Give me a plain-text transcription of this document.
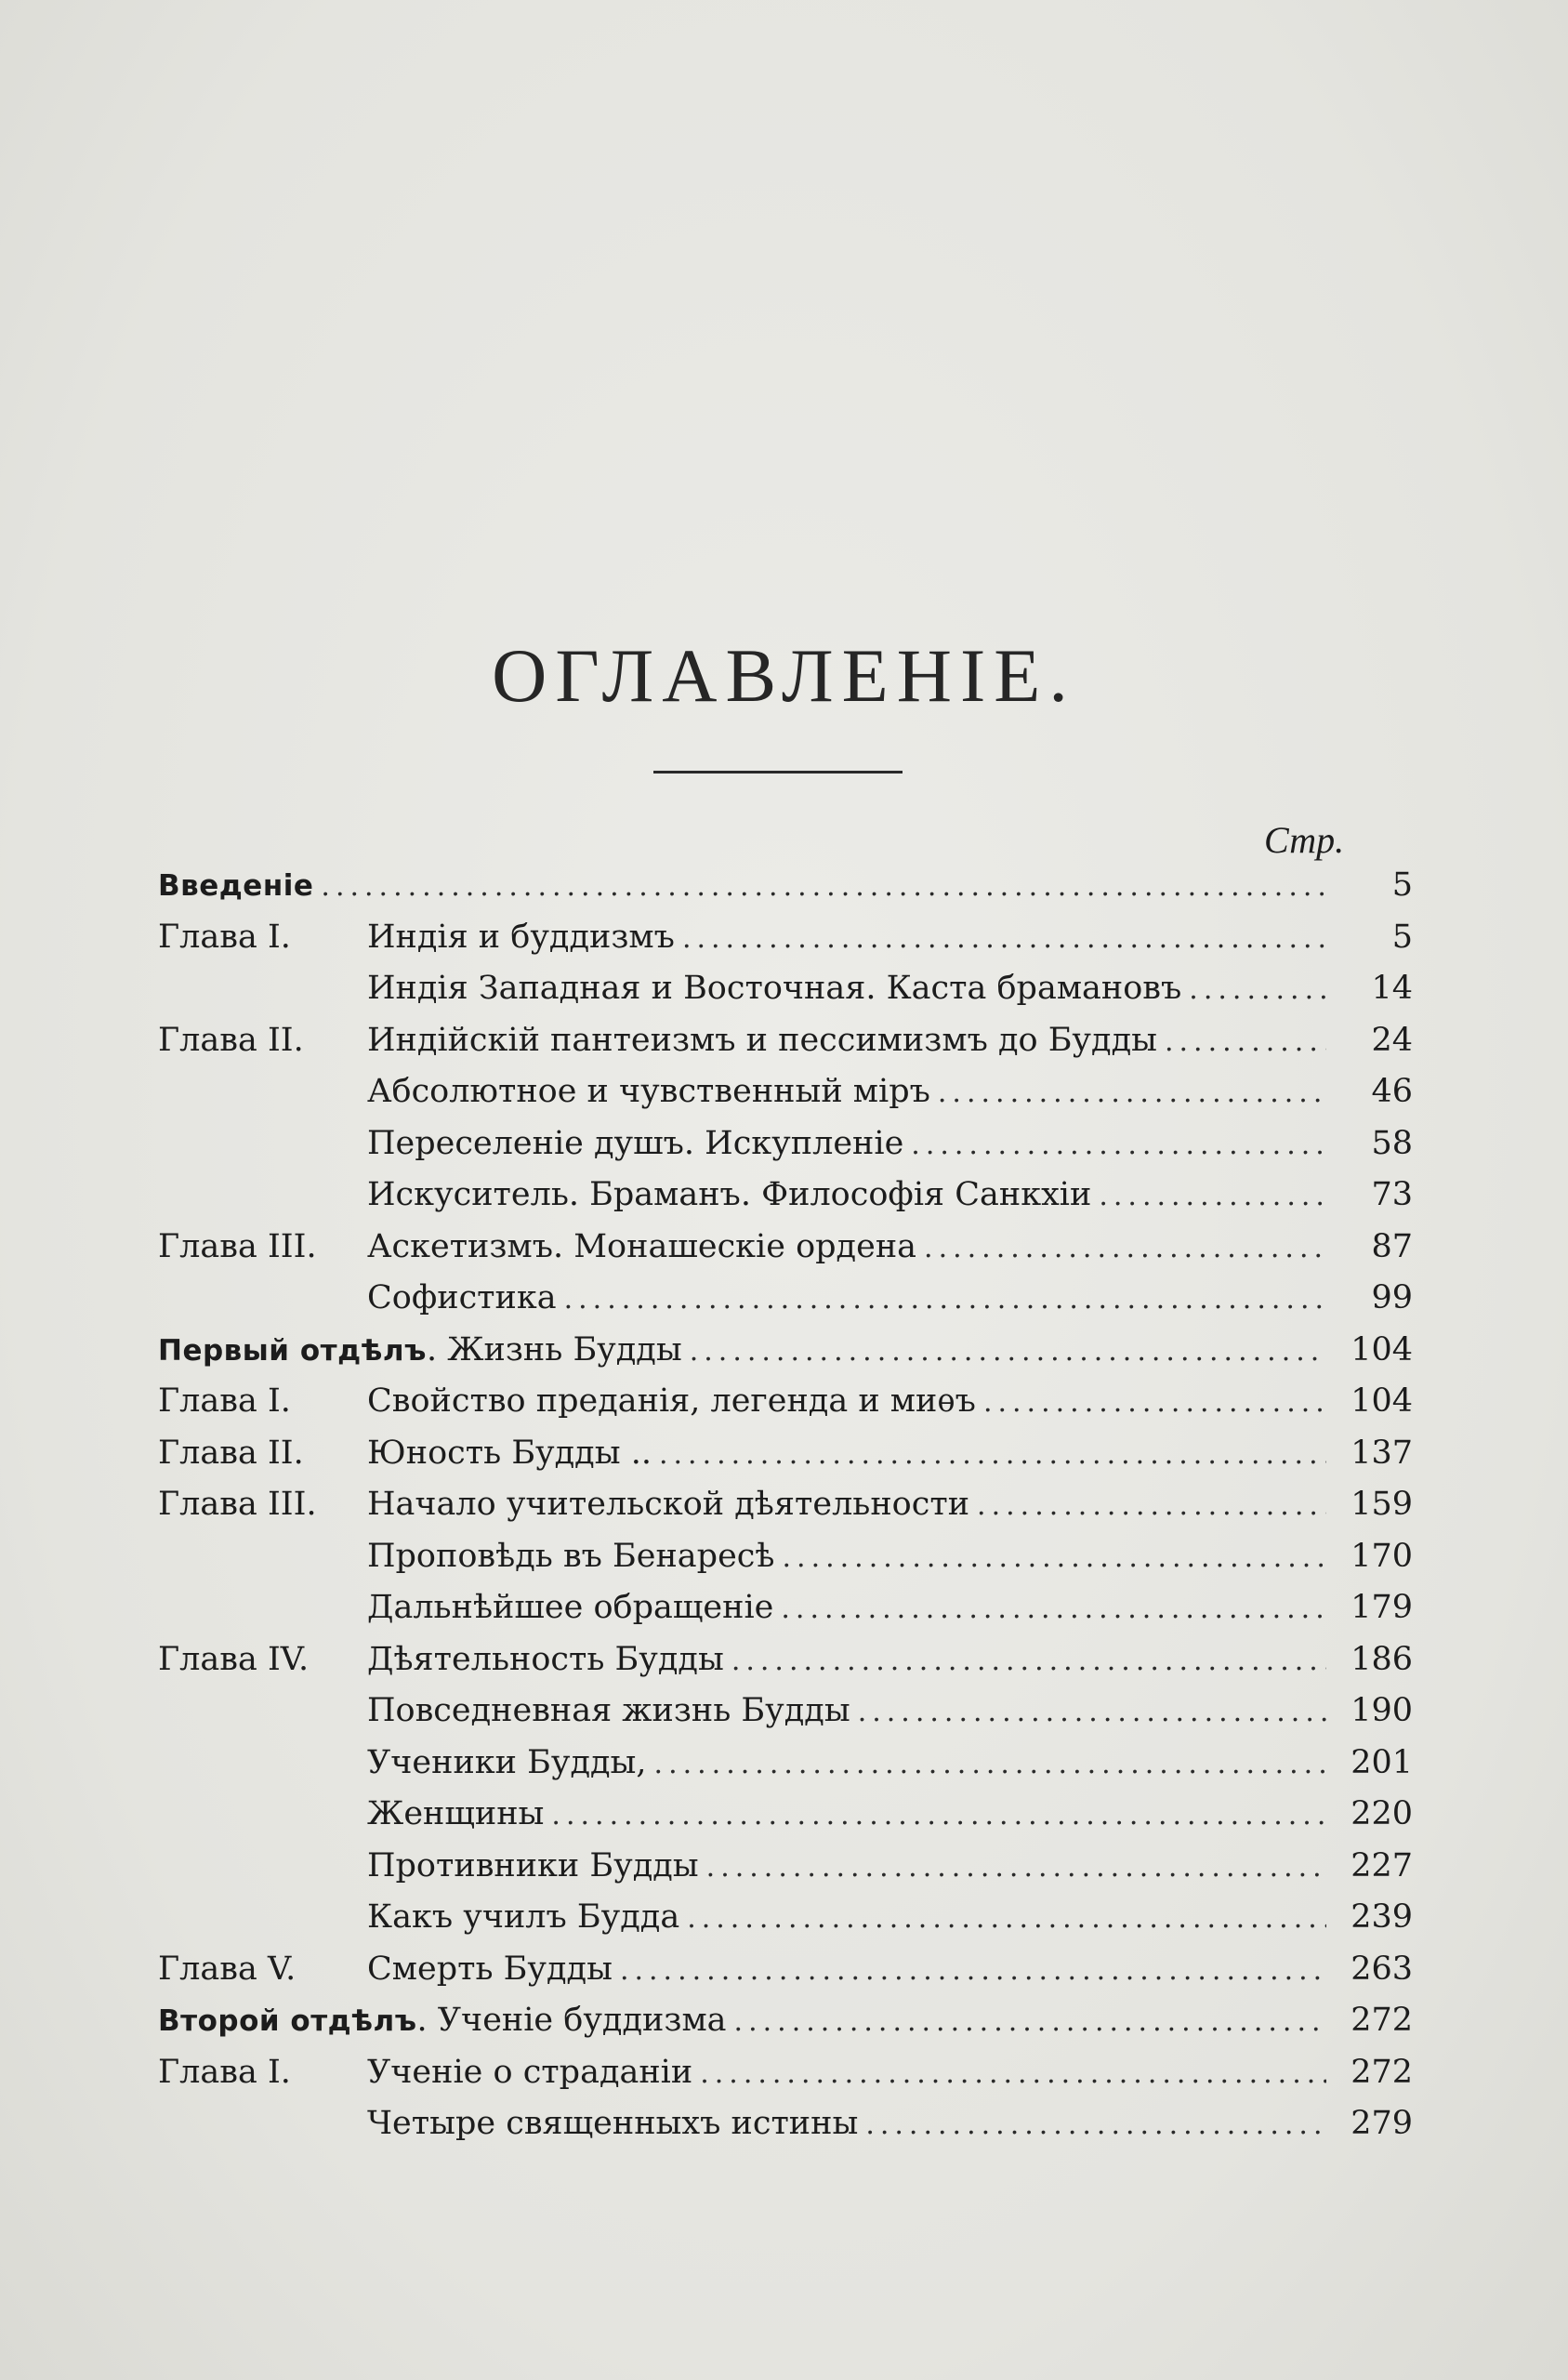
ОГЛАВЛЕНІЕ.
Стр.
Введеніе .....	5
Глава I. Индія и буддизмъ .....	5
Индія Западная и Восточная. Каста брамановъ .....	14
Глава II. Индійскій пантеизмъ и пессимизмъ до Будды .....	24
Абсолютное и чувственный міръ .....	46
Переселеніе душъ. Искупленіе .....	58
Искуситель. Браманъ. Философія Санкхіи .....	73
Глава III. Аскетизмъ. Монашескіе ордена .....	87
Софистика .....	99
Первый отдѣлъ. Жизнь Будды .....	104
Глава I. Свойство преданія, легенда и миѳъ .....	104
Глава II. Юность Будды .. .....	137
Глава III. Начало учительской дѣятельности .....	159
Проповѣдь въ Бенаресѣ .....	170
Дальнѣйшее обращеніе .....	179
Глава IV. Дѣятельность Будды .....	186
Повседневная жизнь Будды .....	190
Ученики Будды, .....	201
Женщины .....	220
Противники Будды .....	227
Какъ училъ Будда .....	239
Глава V. Смерть Будды .....	263
Второй отдѣлъ. Ученіе буддизма .....	272
Глава I. Ученіе о страданіи .....	272
Четыре священныхъ истины .....	279
